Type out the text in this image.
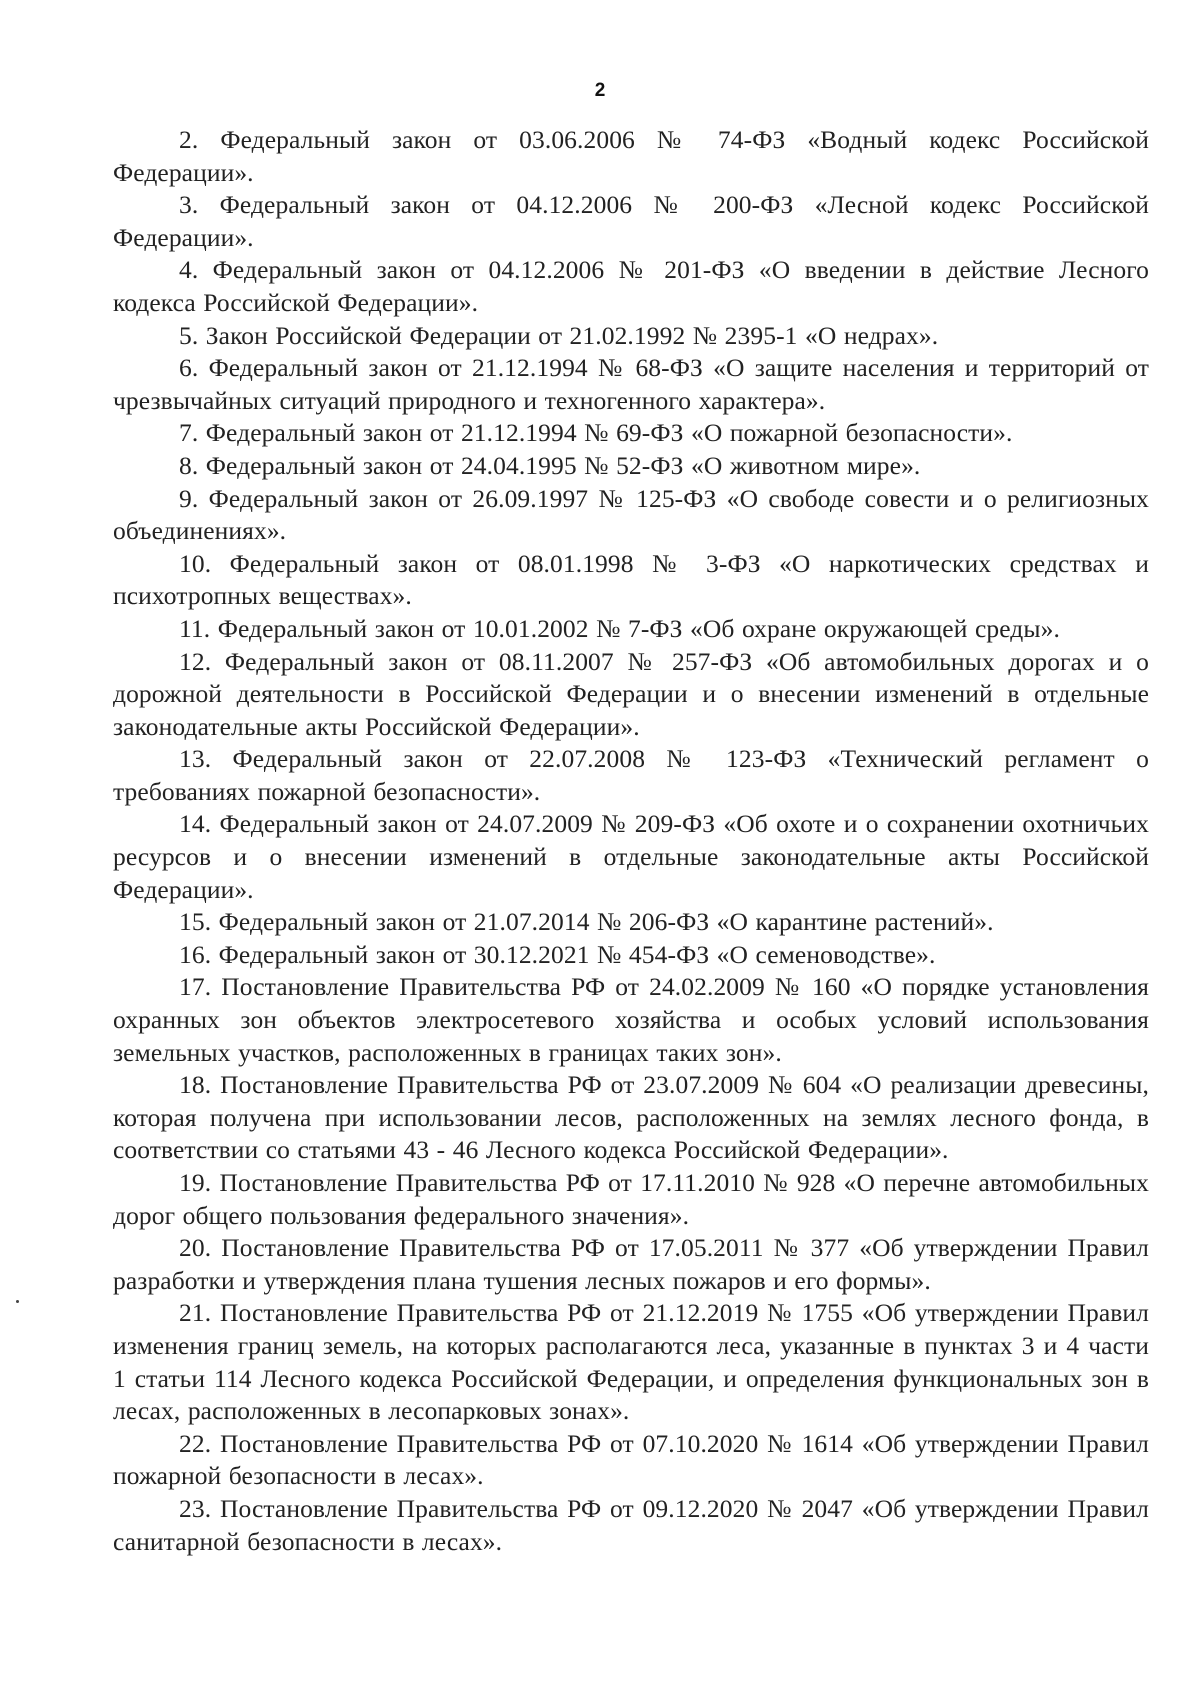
2

2. Федеральный закон от 03.06.2006 № 74-ФЗ «Водный кодекс Российской Федерации».

3. Федеральный закон от 04.12.2006 № 200-ФЗ «Лесной кодекс Российской Федерации».

4. Федеральный закон от 04.12.2006 № 201-ФЗ «О введении в действие Лесного кодекса Российской Федерации».

5. Закон Российской Федерации от 21.02.1992 № 2395-1 «О недрах».

6. Федеральный закон от 21.12.1994 № 68-ФЗ «О защите населения и территорий от чрезвычайных ситуаций природного и техногенного характера».

7. Федеральный закон от 21.12.1994 № 69-ФЗ «О пожарной безопасности».

8. Федеральный закон от 24.04.1995 № 52-ФЗ «О животном мире».

9. Федеральный закон от 26.09.1997 № 125-ФЗ «О свободе совести и о религиозных объединениях».

10. Федеральный закон от 08.01.1998 № 3-ФЗ «О наркотических средствах и психотропных веществах».

11. Федеральный закон от 10.01.2002 № 7-ФЗ «Об охране окружающей среды».

12. Федеральный закон от 08.11.2007 № 257-ФЗ «Об автомобильных дорогах и о дорожной деятельности в Российской Федерации и о внесении изменений в отдельные законодательные акты Российской Федерации».

13. Федеральный закон от 22.07.2008 № 123-ФЗ «Технический регламент о требованиях пожарной безопасности».

14. Федеральный закон от 24.07.2009 № 209-ФЗ «Об охоте и о сохранении охотничьих ресурсов и о внесении изменений в отдельные законодательные акты Российской Федерации».

15. Федеральный закон от 21.07.2014 № 206-ФЗ «О карантине растений».

16. Федеральный закон от 30.12.2021 № 454-ФЗ «О семеноводстве».

17. Постановление Правительства РФ от 24.02.2009 № 160 «О порядке установления охранных зон объектов электросетевого хозяйства и особых условий использования земельных участков, расположенных в границах таких зон».

18. Постановление Правительства РФ от 23.07.2009 № 604 «О реализации древесины, которая получена при использовании лесов, расположенных на землях лесного фонда, в соответствии со статьями 43 - 46 Лесного кодекса Российской Федерации».

19. Постановление Правительства РФ от 17.11.2010 № 928 «О перечне автомобильных дорог общего пользования федерального значения».

20. Постановление Правительства РФ от 17.05.2011 № 377 «Об утверждении Правил разработки и утверждения плана тушения лесных пожаров и его формы».

21. Постановление Правительства РФ от 21.12.2019 № 1755 «Об утверждении Правил изменения границ земель, на которых располагаются леса, указанные в пунктах 3 и 4 части 1 статьи 114 Лесного кодекса Российской Федерации, и определения функциональных зон в лесах, расположенных в лесопарковых зонах».

22. Постановление Правительства РФ от 07.10.2020 № 1614 «Об утверждении Правил пожарной безопасности в лесах».

23. Постановление Правительства РФ от 09.12.2020 № 2047 «Об утверждении Правил санитарной безопасности в лесах».
